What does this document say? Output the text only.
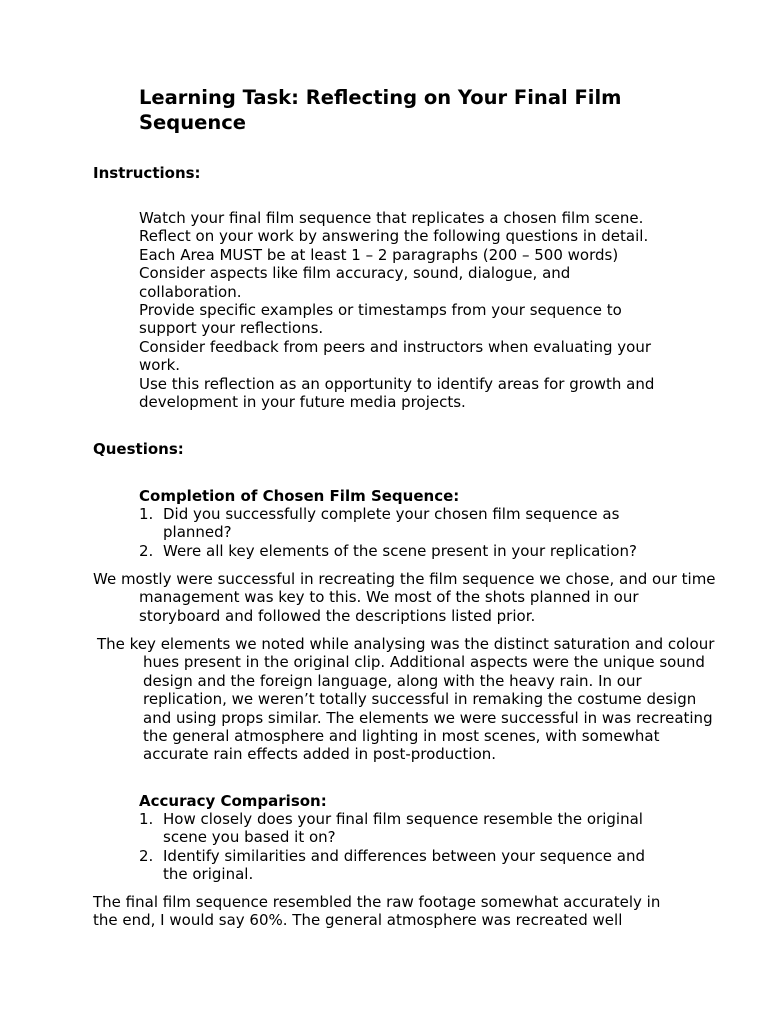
Learning Task: Reflecting on Your Final Film Sequence
Instructions:
Watch your final film sequence that replicates a chosen film scene.
Reflect on your work by answering the following questions in detail.
Each Area MUST be at least 1 – 2 paragraphs (200 – 500 words)
Consider aspects like film accuracy, sound, dialogue, and collaboration.
Provide specific examples or timestamps from your sequence to support your reflections.
Consider feedback from peers and instructors when evaluating your work.
Use this reflection as an opportunity to identify areas for growth and development in your future media projects.
Questions:
Completion of Chosen Film Sequence:
1. Did you successfully complete your chosen film sequence as planned?
2. Were all key elements of the scene present in your replication?

We mostly were successful in recreating the film sequence we chose, and our time management was key to this. We most of the shots planned in our storyboard and followed the descriptions listed prior.

The key elements we noted while analysing was the distinct saturation and colour hues present in the original clip. Additional aspects were the unique sound design and the foreign language, along with the heavy rain. In our replication, we weren’t totally successful in remaking the costume design and using props similar. The elements we were successful in was recreating the general atmosphere and lighting in most scenes, with somewhat accurate rain effects added in post-production.

Accuracy Comparison:
1. How closely does your final film sequence resemble the original scene you based it on?
2. Identify similarities and differences between your sequence and the original.

The final film sequence resembled the raw footage somewhat accurately in the end, I would say 60%. The general atmosphere was recreated well
